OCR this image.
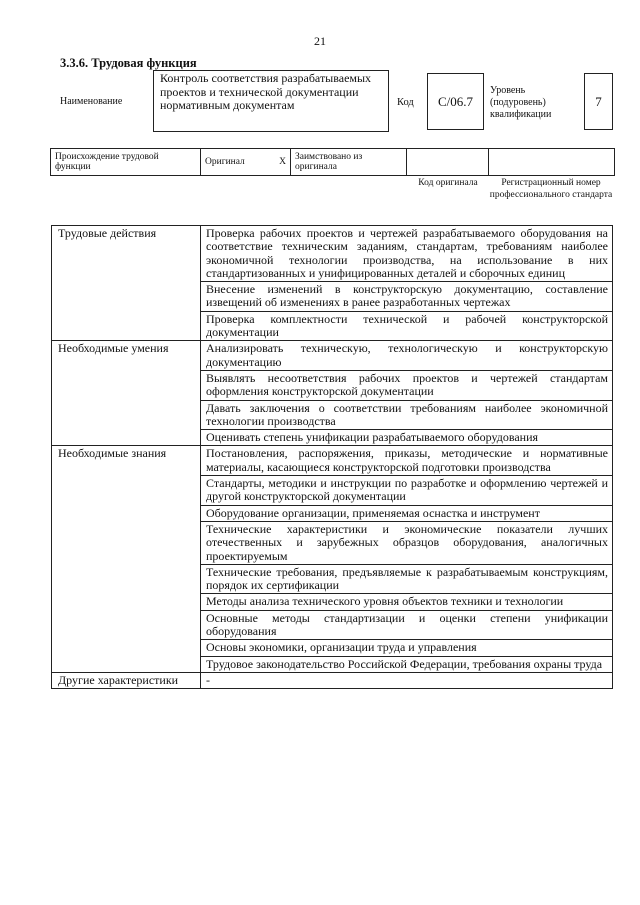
21
3.3.6. Трудовая функция
Наименование
Контроль соответствия разрабатываемых проектов и технической документации нормативным документам	Код	С/06.7
Уровень (подуровень) квалификации
7
Происхождение трудовой функции	Оригинал	X	Заимствовано из оригинала		
Код оригинала	Регистрационный номер профессионального стандарта
Трудовые действия	Проверка рабочих проектов и чертежей разрабатываемого оборудования на соответствие техническим заданиям, стандартам, требованиям наиболее экономичной технологии производства, на использование в них стандартизованных и унифицированных деталей и сборочных единиц
	Внесение изменений в конструкторскую документацию, составление извещений об изменениях в ранее разработанных чертежах
	Проверка комплектности технической и рабочей конструкторской документации
Необходимые умения	Анализировать техническую, технологическую и конструкторскую документацию
	Выявлять несоответствия рабочих проектов и чертежей стандартам оформления конструкторской документации
	Давать заключения о соответствии требованиям наиболее экономичной технологии производства
	Оценивать степень унификации разрабатываемого оборудования
Необходимые знания	Постановления, распоряжения, приказы, методические и нормативные материалы, касающиеся конструкторской подготовки производства
	Стандарты, методики и инструкции по разработке и оформлению чертежей и другой конструкторской документации
	Оборудование организации, применяемая оснастка и инструмент
	Технические характеристики и экономические показатели лучших отечественных и зарубежных образцов оборудования, аналогичных проектируемым
	Технические требования, предъявляемые к разрабатываемым конструкциям, порядок их сертификации
	Методы анализа технического уровня объектов техники и технологии
	Основные методы стандартизации и оценки степени унификации оборудования
	Основы экономики, организации труда и управления
	Трудовое законодательство Российской Федерации, требования охраны труда
Другие характеристики	-
